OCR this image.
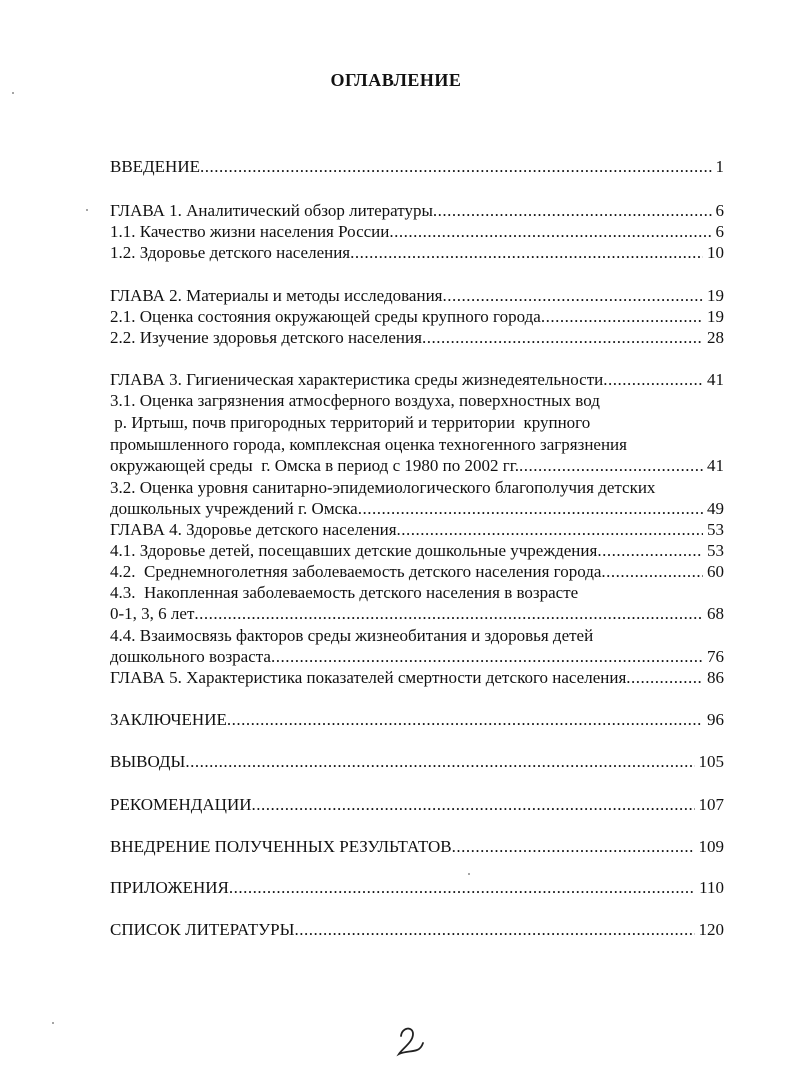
ОГЛАВЛЕНИЕ
ВВЕДЕНИЕ .....	1
ГЛАВА 1. Аналитический обзор литературы .....	6
1.1. Качество жизни населения России .....	6
1.2. Здоровье детского населения .....	10
ГЛАВА 2. Материалы и методы исследования .....	19
2.1. Оценка состояния окружающей среды крупного города .....	19
2.2. Изучение здоровья детского населения .....	28
ГЛАВА 3. Гигиеническая характеристика среды жизнедеятельности .....	41
3.1. Оценка загрязнения атмосферного воздуха, поверхностных вод
р. Иртыш, почв пригородных территорий и территории  крупного
промышленного города, комплексная оценка техногенного загрязнения
окружающей среды  г. Омска в период с 1980 по 2002 гг. .....	41
3.2. Оценка уровня санитарно-эпидемиологического благополучия детских
дошкольных учреждений г. Омска .....	49
ГЛАВА 4. Здоровье детского населения .....	53
4.1. Здоровье детей, посещавших детские дошкольные учреждения .....	53
4.2.  Среднемноголетняя заболеваемость детского населения города .....	60
4.3.  Накопленная заболеваемость детского населения в возрасте
0-1, 3, 6 лет .....	68
4.4. Взаимосвязь факторов среды жизнеобитания и здоровья детей
дошкольного возраста .....	76
ГЛАВА 5. Характеристика показателей смертности детского населения .....	86
ЗАКЛЮЧЕНИЕ .....	96
ВЫВОДЫ .....	105
РЕКОМЕНДАЦИИ .....	107
ВНЕДРЕНИЕ ПОЛУЧЕННЫХ РЕЗУЛЬТАТОВ .....	109
ПРИЛОЖЕНИЯ .....	110
СПИСОК ЛИТЕРАТУРЫ .....	120
